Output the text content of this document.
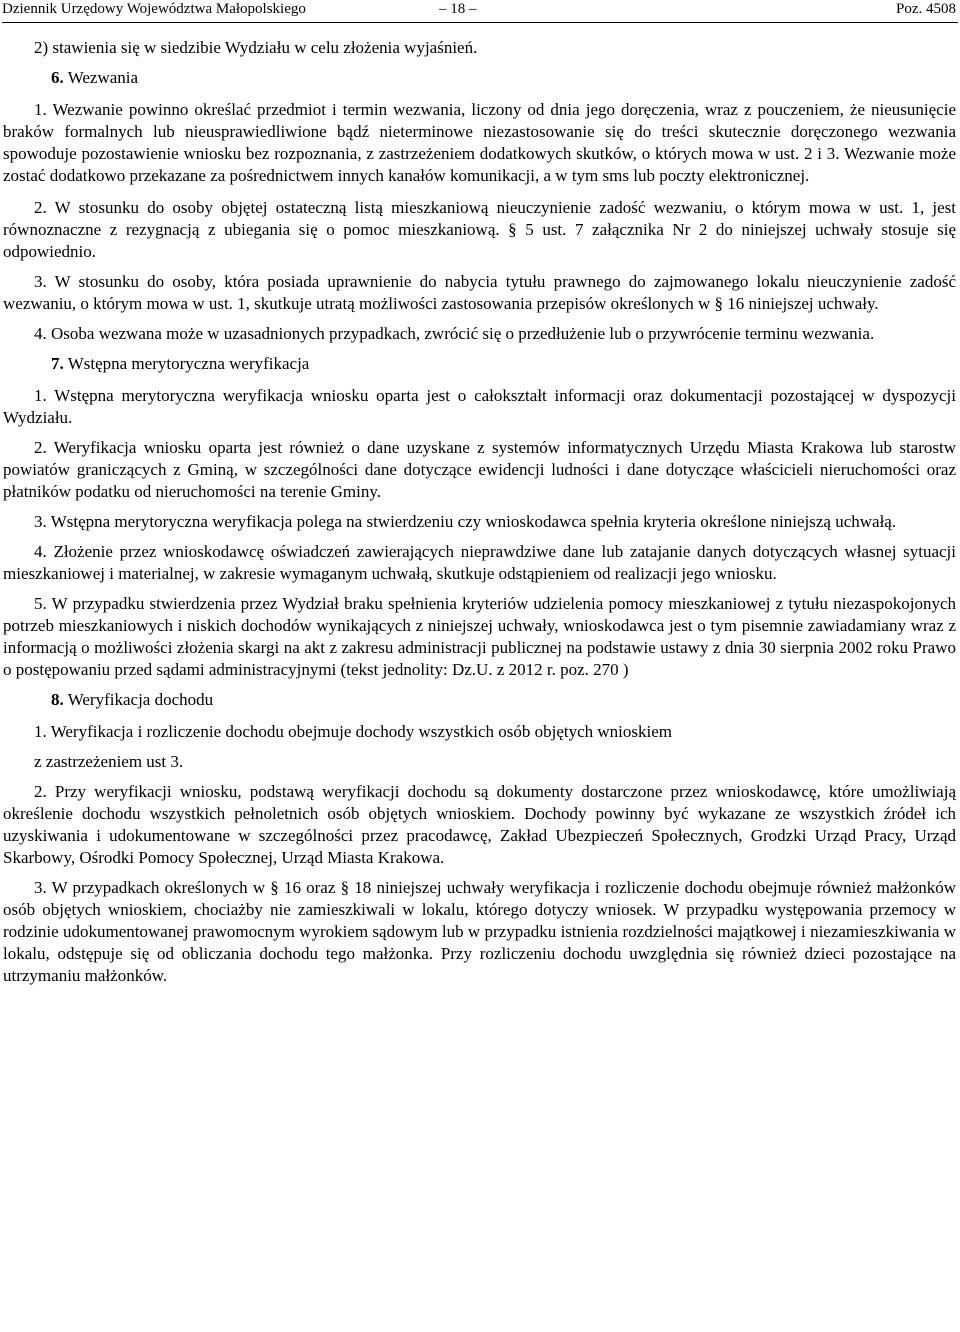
Dziennik Urzędowy Województwa Małopolskiego	– 18 –	Poz. 4508

2) stawienia się w siedzibie Wydziału w celu złożenia wyjaśnień.

6. Wezwania

1. Wezwanie powinno określać przedmiot i termin wezwania, liczony od dnia jego doręczenia, wraz z pouczeniem, że nieusunięcie braków formalnych lub nieusprawiedliwione bądź nieterminowe niezastosowanie się do treści skutecznie doręczonego wezwania spowoduje pozostawienie wniosku bez rozpoznania, z zastrzeżeniem dodatkowych skutków, o których mowa w ust. 2 i 3. Wezwanie może zostać dodatkowo przekazane za pośrednictwem innych kanałów komunikacji, a w tym sms lub poczty elektronicznej.

2. W stosunku do osoby objętej ostateczną listą mieszkaniową nieuczynienie zadość wezwaniu, o którym mowa w ust. 1, jest równoznaczne z rezygnacją z ubiegania się o pomoc mieszkaniową. § 5 ust. 7 załącznika Nr 2 do niniejszej uchwały stosuje się odpowiednio.

3. W stosunku do osoby, która posiada uprawnienie do nabycia tytułu prawnego do zajmowanego lokalu nieuczynienie zadość wezwaniu, o którym mowa w ust. 1, skutkuje utratą możliwości zastosowania przepisów określonych w § 16 niniejszej uchwały.

4. Osoba wezwana może w uzasadnionych przypadkach, zwrócić się o przedłużenie lub o przywrócenie terminu wezwania.

7. Wstępna merytoryczna weryfikacja

1. Wstępna merytoryczna weryfikacja wniosku oparta jest o całokształt informacji oraz dokumentacji pozostającej w dyspozycji Wydziału.

2. Weryfikacja wniosku oparta jest również o dane uzyskane z systemów informatycznych Urzędu Miasta Krakowa lub starostw powiatów graniczących z Gminą, w szczególności dane dotyczące ewidencji ludności i dane dotyczące właścicieli nieruchomości oraz płatników podatku od nieruchomości na terenie Gminy.

3. Wstępna merytoryczna weryfikacja polega na stwierdzeniu czy wnioskodawca spełnia kryteria określone niniejszą uchwałą.

4. Złożenie przez wnioskodawcę oświadczeń zawierających nieprawdziwe dane lub zatajanie danych dotyczących własnej sytuacji mieszkaniowej i materialnej, w zakresie wymaganym uchwałą, skutkuje odstąpieniem od realizacji jego wniosku.

5. W przypadku stwierdzenia przez Wydział braku spełnienia kryteriów udzielenia pomocy mieszkaniowej z tytułu niezaspokojonych potrzeb mieszkaniowych i niskich dochodów wynikających z niniejszej uchwały, wnioskodawca jest o tym pisemnie zawiadamiany wraz z informacją o możliwości złożenia skargi na akt z zakresu administracji publicznej na podstawie ustawy z dnia 30 sierpnia 2002 roku Prawo o postępowaniu przed sądami administracyjnymi (tekst jednolity: Dz.U. z 2012 r. poz. 270 )

8. Weryfikacja dochodu

1. Weryfikacja i rozliczenie dochodu obejmuje dochody wszystkich osób objętych wnioskiem

z zastrzeżeniem ust 3.

2. Przy weryfikacji wniosku, podstawą weryfikacji dochodu są dokumenty dostarczone przez wnioskodawcę, które umożliwiają określenie dochodu wszystkich pełnoletnich osób objętych wnioskiem. Dochody powinny być wykazane ze wszystkich źródeł ich uzyskiwania i udokumentowane w szczególności przez pracodawcę, Zakład Ubezpieczeń Społecznych, Grodzki Urząd Pracy, Urząd Skarbowy, Ośrodki Pomocy Społecznej, Urząd Miasta Krakowa.

3. W przypadkach określonych w § 16 oraz § 18 niniejszej uchwały weryfikacja i rozliczenie dochodu obejmuje również małżonków osób objętych wnioskiem, chociażby nie zamieszkiwali w lokalu, którego dotyczy wniosek. W przypadku występowania przemocy w rodzinie udokumentowanej prawomocnym wyrokiem sądowym lub w przypadku istnienia rozdzielności majątkowej i niezamieszkiwania w lokalu, odstępuje się od obliczania dochodu tego małżonka. Przy rozliczeniu dochodu uwzględnia się również dzieci pozostające na utrzymaniu małżonków.
